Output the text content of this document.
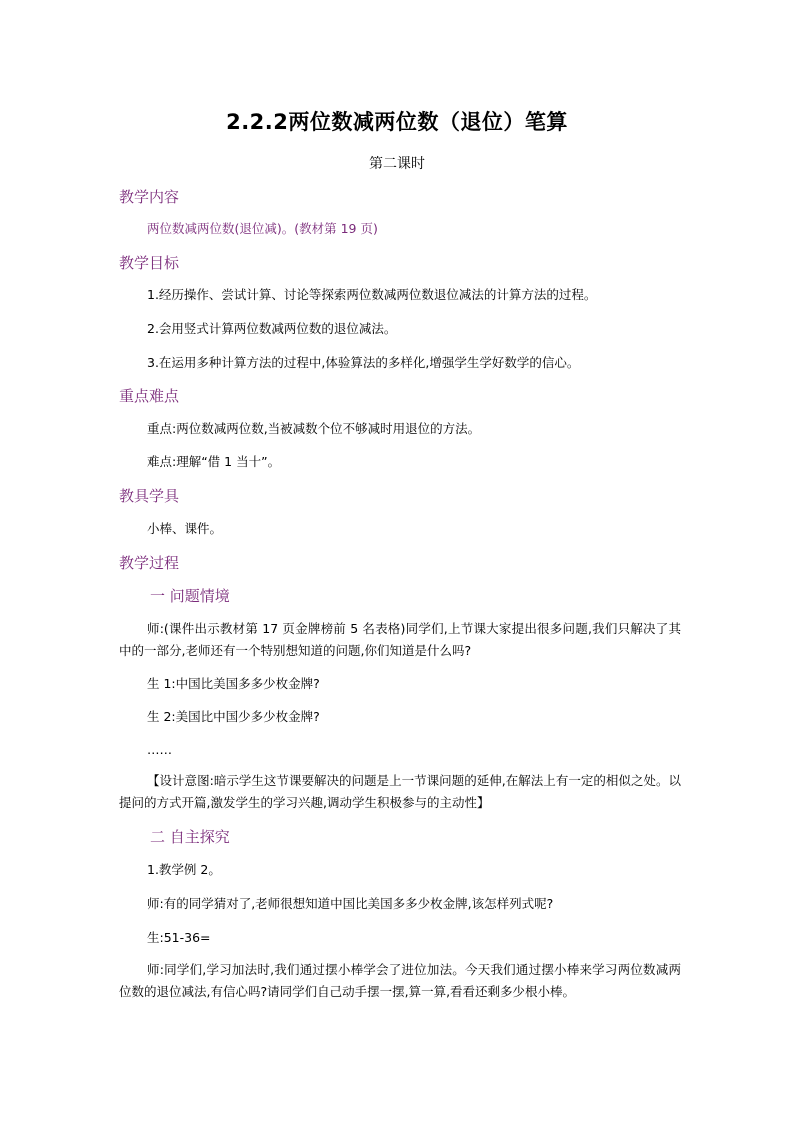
2.2.2两位数减两位数（退位）笔算
第二课时
教学内容
两位数减两位数(退位减)。(教材第 19 页)
教学目标
1.经历操作、尝试计算、讨论等探索两位数减两位数退位减法的计算方法的过程。
2.会用竖式计算两位数减两位数的退位减法。
3.在运用多种计算方法的过程中,体验算法的多样化,增强学生学好数学的信心。
重点难点
重点:两位数减两位数,当被减数个位不够减时用退位的方法。
难点:理解“借 1 当十”。
教具学具
小棒、课件。
教学过程
一 问题情境
师:(课件出示教材第 17 页金牌榜前 5 名表格)同学们,上节课大家提出很多问题,我们只解决了其中的一部分,老师还有一个特别想知道的问题,你们知道是什么吗?
生 1:中国比美国多多少枚金牌?
生 2:美国比中国少多少枚金牌?
……
【设计意图:暗示学生这节课要解决的问题是上一节课问题的延伸,在解法上有一定的相似之处。以提问的方式开篇,激发学生的学习兴趣,调动学生积极参与的主动性】
二 自主探究
1.教学例 2。
师:有的同学猜对了,老师很想知道中国比美国多多少枚金牌,该怎样列式呢?
生:51-36=
师:同学们,学习加法时,我们通过摆小棒学会了进位加法。今天我们通过摆小棒来学习两位数减两位数的退位减法,有信心吗?请同学们自己动手摆一摆,算一算,看看还剩多少根小棒。
